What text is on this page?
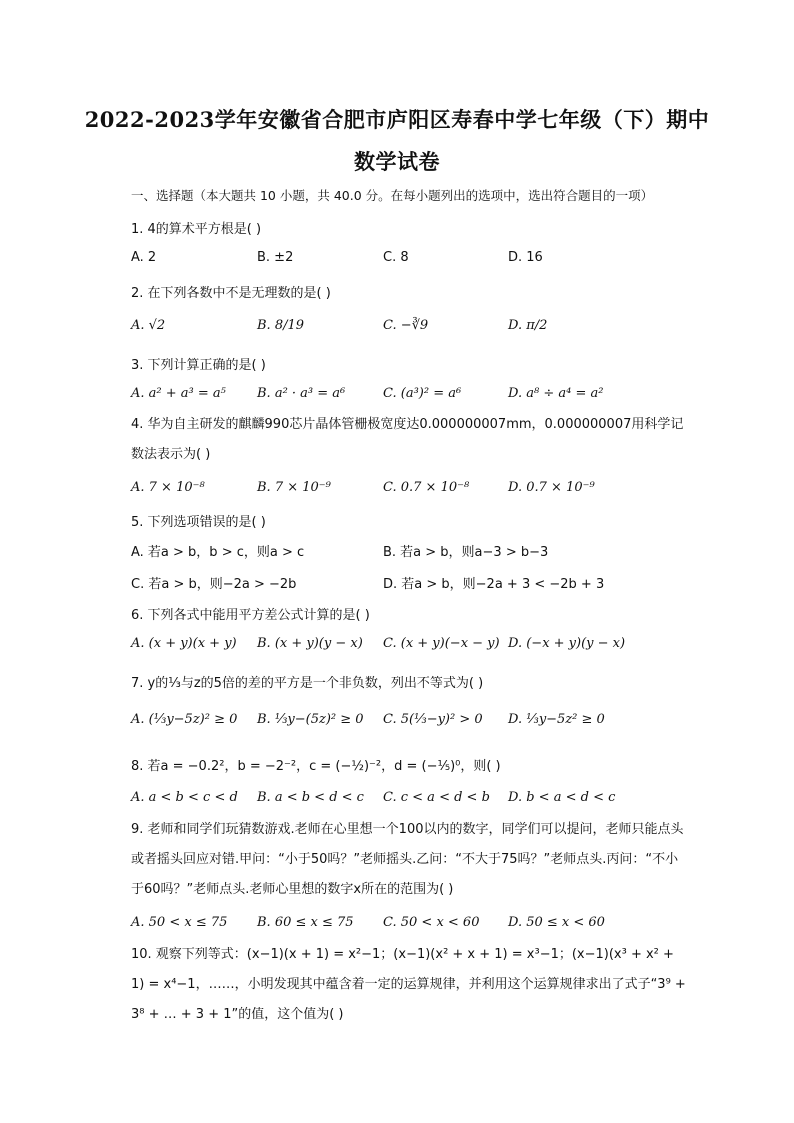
2022-2023学年安徽省合肥市庐阳区寿春中学七年级（下）期中
数学试卷
一、选择题（本大题共 10 小题，共 40.0 分。在每小题列出的选项中，选出符合题目的一项）
1. 4的算术平方根是( )
A. 2	B. ±2	C. 8	D. 16
2. 在下列各数中不是无理数的是( )
A. √2	B. 8/19	C. −∛9	D. π/2
3. 下列计算正确的是( )
A. a² + a³ = a⁵ B. a² · a³ = a⁶	C. (a³)² = a⁶	D. a⁸ ÷ a⁴ = a²
4. 华为自主研发的麒麟990芯片晶体管栅极宽度达0.000000007mm，0.000000007用科学记数法表示为( )
A. 7 × 10⁻⁸	B. 7 × 10⁻⁹	C. 0.7 × 10⁻⁸	D. 0.7 × 10⁻⁹
5. 下列选项错误的是( )
A. 若a > b，b > c，则a > c	B. 若a > b，则a−3 > b−3
C. 若a > b，则−2a > −2b	D. 若a > b，则−2a + 3 < −2b + 3
6. 下列各式中能用平方差公式计算的是( )
A. (x + y)(x + y) B. (x + y)(y − x) C. (x + y)(−x − y) D. (−x + y)(y − x)
7. y的⅓与z的5倍的差的平方是一个非负数，列出不等式为( )
A. (⅓y−5z)² ≥ 0 B. ⅓y−(5z)² ≥ 0 C. 5(⅓−y)² > 0 D. ⅓y−5z² ≥ 0
8. 若a = −0.2²，b = −2⁻²，c = (−½)⁻²，d = (−⅕)⁰，则( )
A. a < b < c < d B. a < b < d < c C. c < a < d < b D. b < a < d < c
9. 老师和同学们玩猜数游戏.老师在心里想一个100以内的数字，同学们可以提问，老师只能点头或者摇头回应对错.甲问：“小于50吗？”老师摇头.乙问：“不大于75吗？”老师点头.丙问：“不小于60吗？”老师点头.老师心里想的数字x所在的范围为( )
A. 50 < x ≤ 75 B. 60 ≤ x ≤ 75 C. 50 < x < 60 D. 50 ≤ x < 60
10. 观察下列等式：(x−1)(x + 1) = x²−1；(x−1)(x² + x + 1) = x³−1；(x−1)(x³ + x² + 1) = x⁴−1，……，小明发现其中蕴含着一定的运算规律，并利用这个运算规律求出了式子“3⁹ + 3⁸ + … + 3 + 1”的值，这个值为( )
